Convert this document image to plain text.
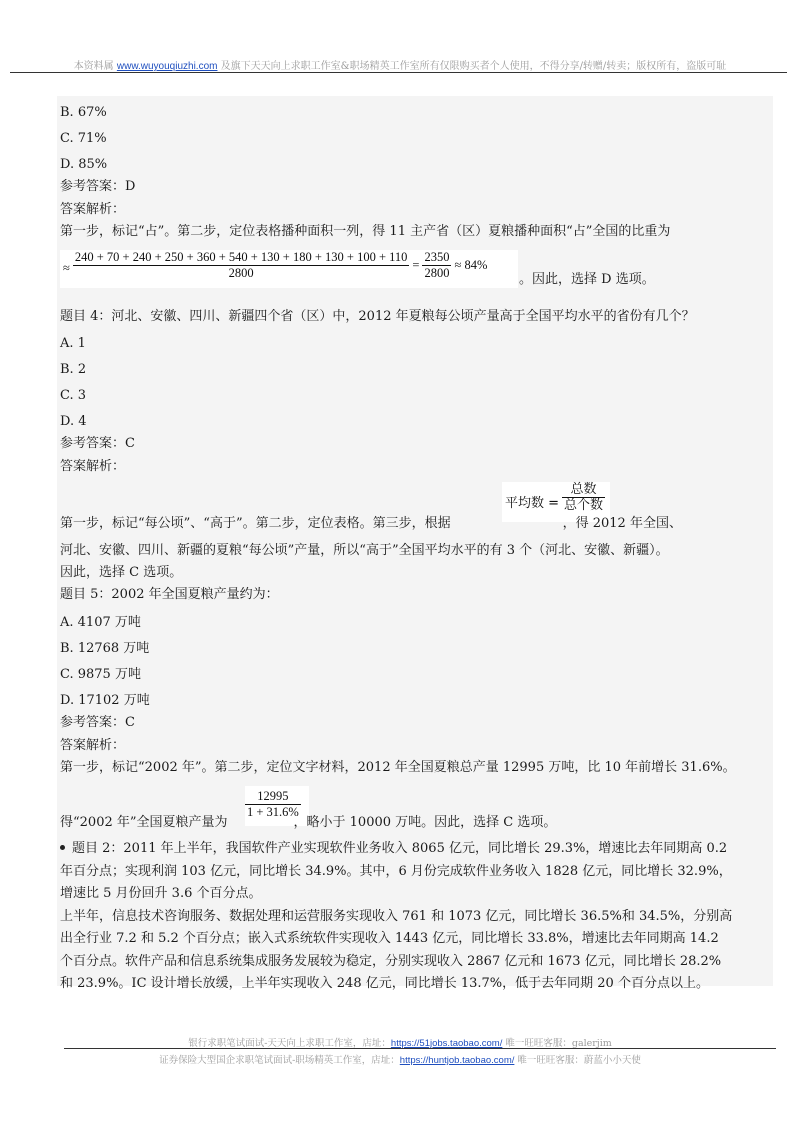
本资料属 www.wuyouqiuzhi.com 及旗下天天向上求职工作室&职场精英工作室所有仅限购买者个人使用，不得分享/转赠/转卖；版权所有，盗版可耻
B. 67%
C. 71%
D. 85%
参考答案：D
答案解析：
第一步，标记“占”。第二步，定位表格播种面积一列，得 11 主产省（区）夏粮播种面积“占”全国的比重为
≈
240 + 70 + 240 + 250 + 360 + 540 + 130 + 180 + 130 + 100 + 110
2800
= $\frac{2350}{2800} \approx 84\%$
。因此，选择 D 选项。
题目 4：河北、安徽、四川、新疆四个省（区）中，2012 年夏粮每公顷产量高于全国平均水平的省份有几个？
A. 1
B. 2
C. 3
D. 4
参考答案：C
答案解析：
平均数 = $\frac{\text{总数}}{\text{总个数}}$
第一步，标记“每公顷”、“高于”。第二步，定位表格。第三步，根据	，得 2012 年全国、
河北、安徽、四川、新疆的夏粮“每公顷”产量，所以“高于”全国平均水平的有 3 个（河北、安徽、新疆）。
因此，选择 C 选项。
题目 5：2002 年全国夏粮产量约为：
A. 4107 万吨
B. 12768 万吨
C. 9875 万吨
D. 17102 万吨
参考答案：C
答案解析：
第一步，标记“2002 年”。第二步，定位文字材料，2012 年全国夏粮总产量 12995 万吨，比 10 年前增长 31.6%。
$\frac{12995}{1 + 31.6\%}$
得“2002 年”全国夏粮产量为	，略小于 10000 万吨。因此，选择 C 选项。
题目 2：2011 年上半年，我国软件产业实现软件业务收入 8065 亿元，同比增长 29.3%，增速比去年同期高 0.2
年百分点；实现利润 103 亿元，同比增长 34.9%。其中，6 月份完成软件业务收入 1828 亿元，同比增长 32.9%，
增速比 5 月份回升 3.6 个百分点。
上半年，信息技术咨询服务、数据处理和运营服务实现收入 761 和 1073 亿元，同比增长 36.5%和 34.5%，分别高
出全行业 7.2 和 5.2 个百分点；嵌入式系统软件实现收入 1443 亿元，同比增长 33.8%，增速比去年同期高 14.2
个百分点。软件产品和信息系统集成服务发展较为稳定，分别实现收入 2867 亿元和 1673 亿元，同比增长 28.2%
和 23.9%。IC 设计增长放缓，上半年实现收入 248 亿元，同比增长 13.7%，低于去年同期 20 个百分点以上。
银行求职笔试面试-天天向上求职工作室，店址：https://51jobs.taobao.com/ 唯一旺旺客服：galerjim
证券保险大型国企求职笔试面试-职场精英工作室，店址：https://huntjob.taobao.com/ 唯一旺旺客服：蔚蓝小小天使
